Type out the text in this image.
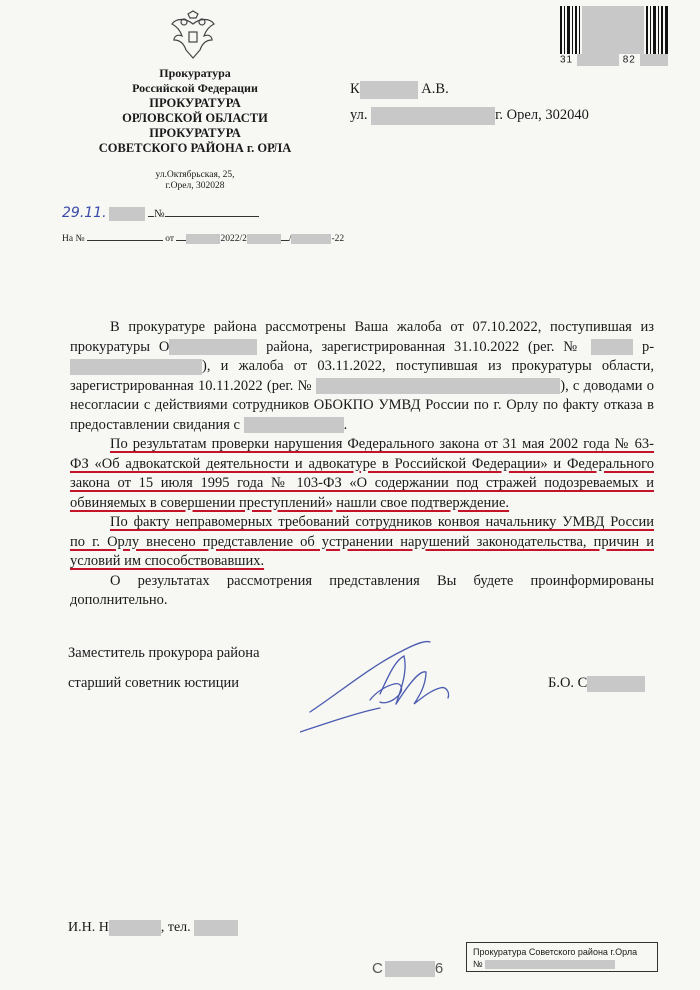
Прокуратура
Российской Федерации
ПРОКУРАТУРА
ОРЛОВСКОЙ ОБЛАСТИ
ПРОКУРАТУРА
СОВЕТСКОГО РАЙОНА г. ОРЛА
ул.Октябрьская, 25,
г.Орел, 302028
29.11.	№
На №	от	2022/2	/	-22
31	82
К	А.В.
ул.	г. Орел, 302040

В прокуратуре района рассмотрены Ваша жалоба от 07.10.2022, поступившая из прокуратуры О	района, зарегистрированная 31.10.2022 (рег. №	р-), и жалоба от 03.11.2022, поступившая из прокуратуры области, зарегистрированная 10.11.2022 (рег. №	), с доводами о несогласии с действиями сотрудников ОБОКПО УМВД России по г. Орлу по факту отказа в предоставлении свидания с	.

По результатам проверки нарушения Федерального закона от 31 мая 2002 года № 63-ФЗ «Об адвокатской деятельности и адвокатуре в Российской Федерации» и Федерального закона от 15 июля 1995 года № 103-ФЗ «О содержании под стражей подозреваемых и обвиняемых в совершении преступлений» нашли свое подтверждение.

По факту неправомерных требований сотрудников конвоя начальнику УМВД России по г. Орлу внесено представление об устранении нарушений законодательства, причин и условий им способствовавших.

О результатах рассмотрения представления Вы будете проинформированы дополнительно.

Заместитель прокурора района
старший советник юстиции	Б.О. С
И.Н. Н	, тел.
С	6
Прокуратура Советского района г.Орла
№
